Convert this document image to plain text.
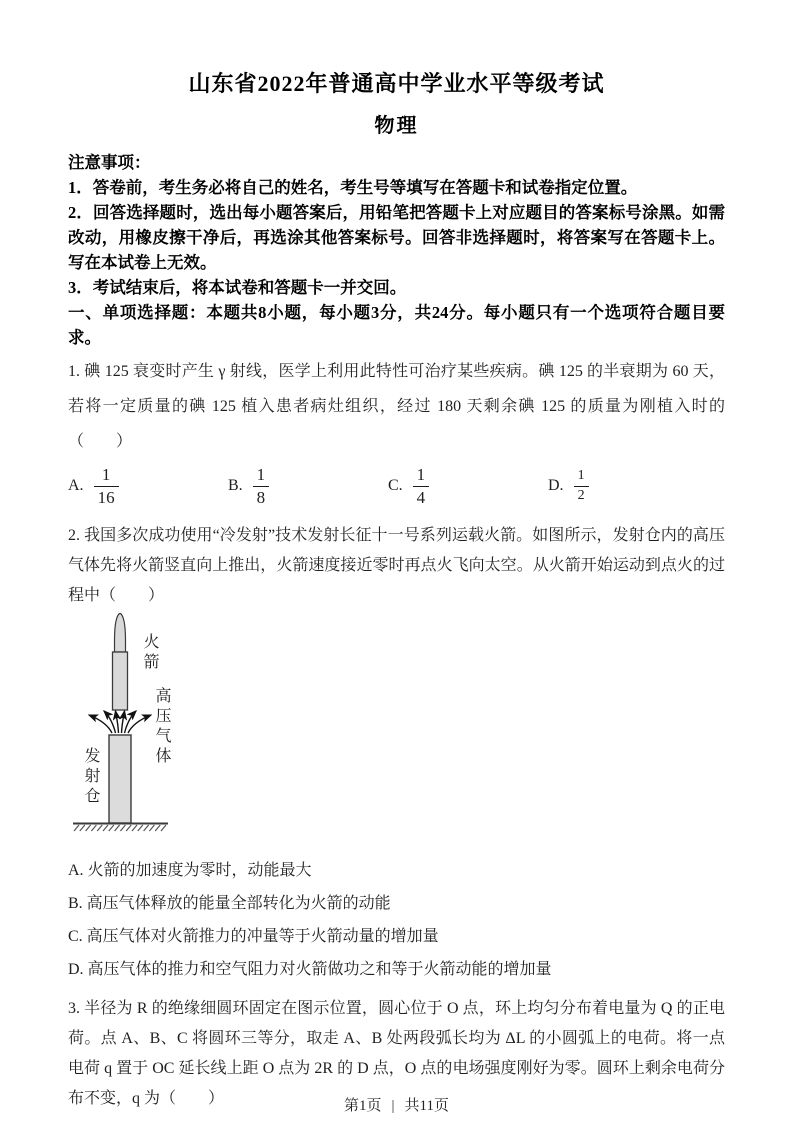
山东省2022年普通高中学业水平等级考试
物理
注意事项：
1．答卷前，考生务必将自己的姓名，考生号等填写在答题卡和试卷指定位置。
2．回答选择题时，选出每小题答案后，用铅笔把答题卡上对应题目的答案标号涂黑。如需改动，用橡皮擦干净后，再选涂其他答案标号。回答非选择题时，将答案写在答题卡上。写在本试卷上无效。
3．考试结束后，将本试卷和答题卡一并交回。
一、单项选择题：本题共8小题，每小题3分，共24分。每小题只有一个选项符合题目要求。
1. 碘 125 衰变时产生 γ 射线，医学上利用此特性可治疗某些疾病。碘 125 的半衰期为 60 天，若将一定质量的碘 125 植入患者病灶组织，经过 180 天剩余碘 125 的质量为刚植入时的（　　）
A. $\frac{1}{16}$	B. $\frac{1}{8}$	C. $\frac{1}{4}$	D. $\frac{1}{2}$
2. 我国多次成功使用“冷发射”技术发射长征十一号系列运载火箭。如图所示，发射仓内的高压气体先将火箭竖直向上推出，火箭速度接近零时再点火飞向太空。从火箭开始运动到点火的过程中（　　）
火箭
高压气体
发射仓
A. 火箭的加速度为零时，动能最大
B. 高压气体释放的能量全部转化为火箭的动能
C. 高压气体对火箭推力的冲量等于火箭动量的增加量
D. 高压气体的推力和空气阻力对火箭做功之和等于火箭动能的增加量
3. 半径为 R 的绝缘细圆环固定在图示位置，圆心位于 O 点，环上均匀分布着电量为 Q 的正电荷。点 A、B、C 将圆环三等分，取走 A、B 处两段弧长均为 ΔL 的小圆弧上的电荷。将一点电荷 q 置于 OC 延长线上距 O 点为 2R 的 D 点，O 点的电场强度刚好为零。圆环上剩余电荷分布不变，q 为（　　）	第1页 | 共11页
